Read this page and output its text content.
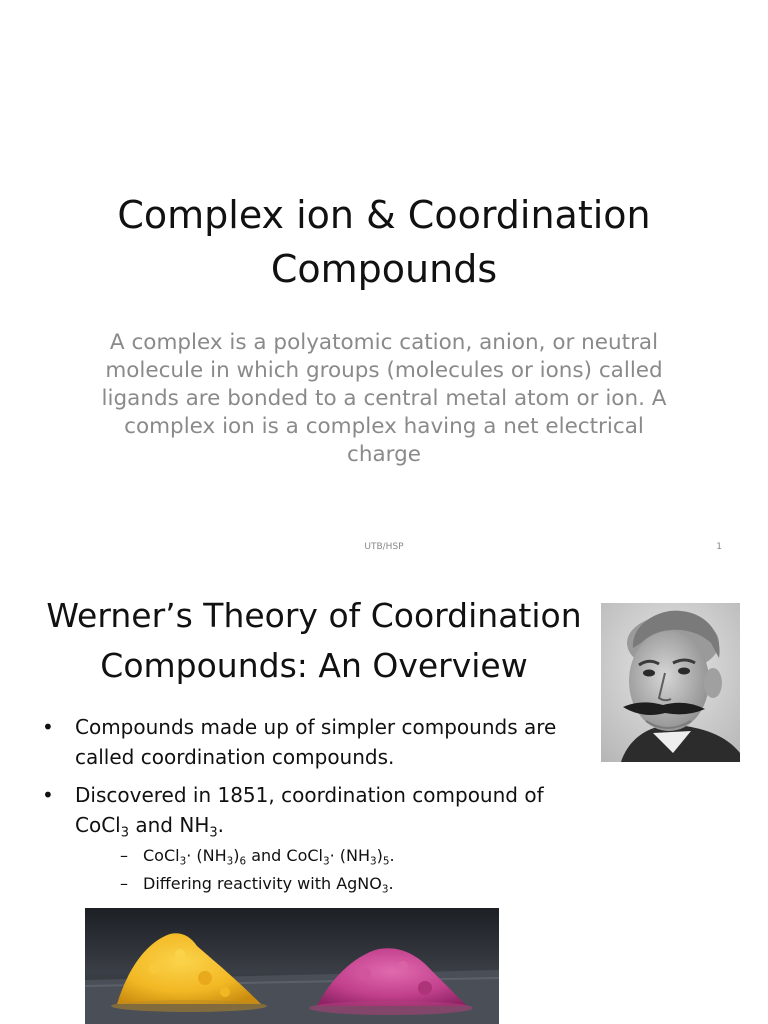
Complex ion & Coordination
Compounds

A complex is a polyatomic cation, anion, or neutral molecule in which groups (molecules or ions) called ligands are bonded to a central metal atom or ion. A complex ion is a complex having a net electrical charge

UTB/HSP	1
Werner’s Theory of Coordination
Compounds: An Overview
• Compounds made up of simpler compounds are called coordination compounds.
• Discovered in 1851, coordination compound of
CoCl$_3$ and $NH_3$.
– CoCl$_3$· $(NH_3)_6$ and CoCl$_3$· $(NH_3)_5$.
– Differing reactivity with AgNO$_3$.
